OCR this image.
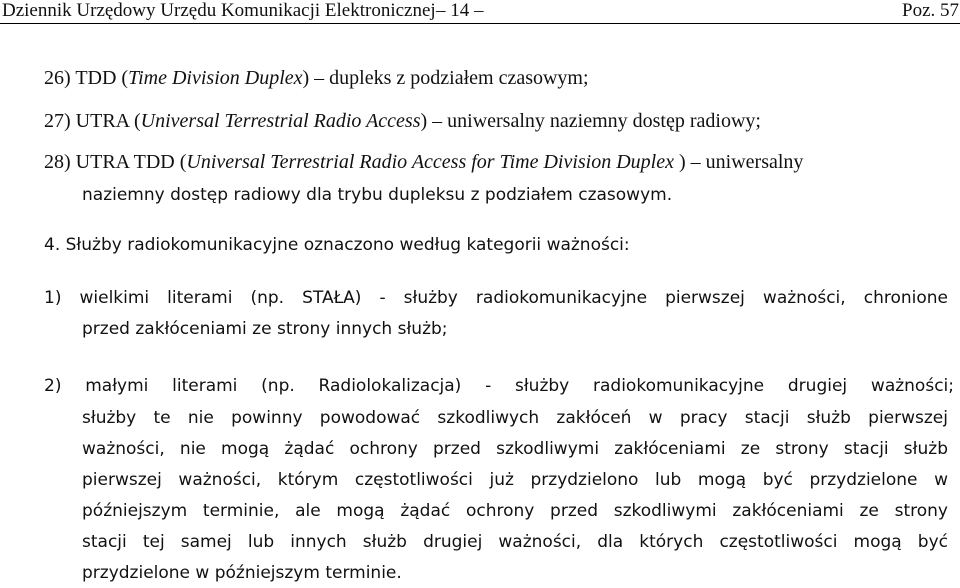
Dziennik Urzędowy Urzędu Komunikacji Elektronicznej – 14 –	Poz. 57
26) TDD (Time Division Duplex) – dupleks z podziałem czasowym;
27) UTRA (Universal Terrestrial Radio Access) – uniwersalny naziemny dostęp radiowy;
28) UTRA TDD (Universal Terrestrial Radio Access for Time Division Duplex ) – uniwersalny
naziemny dostęp radiowy dla trybu dupleksu z podziałem czasowym.
4. Służby radiokomunikacyjne oznaczono według kategorii ważności:
1) wielkimi literami (np. STAŁA) - służby radiokomunikacyjne pierwszej ważności, chronione
przed zakłóceniami ze strony innych służb;
2) małymi literami (np. Radiolokalizacja) - służby radiokomunikacyjne drugiej ważności;
służby te nie powinny powodować szkodliwych zakłóceń w pracy stacji służb pierwszej
ważności, nie mogą żądać ochrony przed szkodliwymi zakłóceniami ze strony stacji służb
pierwszej ważności, którym częstotliwości już przydzielono lub mogą być przydzielone w
późniejszym terminie, ale mogą żądać ochrony przed szkodliwymi zakłóceniami ze strony
stacji tej samej lub innych służb drugiej ważności, dla których częstotliwości mogą być
przydzielone w późniejszym terminie.
